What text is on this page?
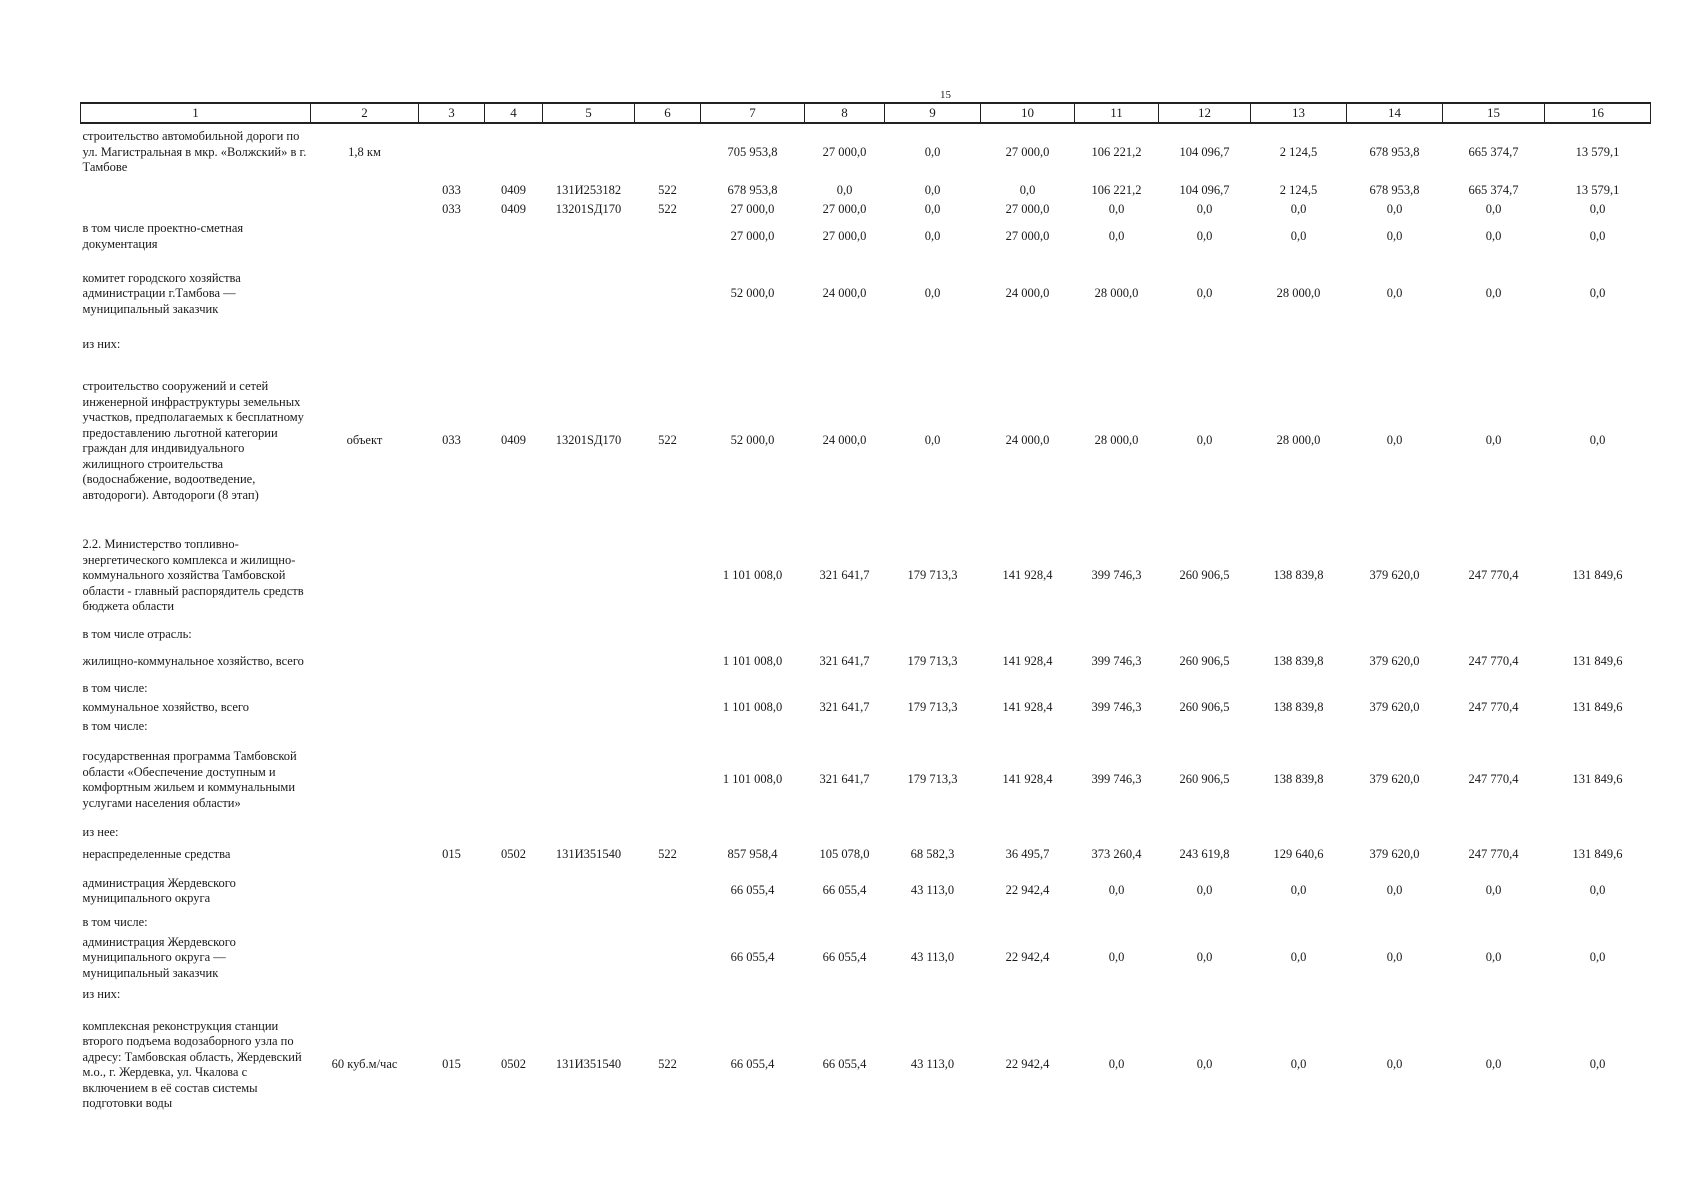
15
1	2	3	4	5	6	7	8	9	10	11	12	13	14	15	16
строительство автомобильной дороги по ул. Магистральная в мкр. «Волжский» в г. Тамбове	1,8 км					705 953,8	27 000,0	0,0	27 000,0	106 221,2	104 096,7	2 124,5	678 953,8	665 374,7	13 579,1
		033	0409	131И253182	522	678 953,8	0,0	0,0	0,0	106 221,2	104 096,7	2 124,5	678 953,8	665 374,7	13 579,1
		033	0409	13201SД170	522	27 000,0	27 000,0	0,0	27 000,0	0,0	0,0	0,0	0,0	0,0	0,0
в том числе проектно-сметная документация						27 000,0	27 000,0	0,0	27 000,0	0,0	0,0	0,0	0,0	0,0	0,0
комитет городского хозяйства администрации г.Тамбова — муниципальный заказчик						52 000,0	24 000,0	0,0	24 000,0	28 000,0	0,0	28 000,0	0,0	0,0	0,0
из них:															
строительство сооружений и сетей инженерной инфраструктуры земельных участков, предполагаемых к бесплатному предоставлению льготной категории граждан для индивидуального жилищного строительства (водоснабжение, водоотведение, автодороги). Автодороги (8 этап)	объект	033	0409	13201SД170	522	52 000,0	24 000,0	0,0	24 000,0	28 000,0	0,0	28 000,0	0,0	0,0	0,0
2.2. Министерство топливно-энергетического комплекса и жилищно-коммунального хозяйства Тамбовской области - главный распорядитель средств бюджета области						1 101 008,0	321 641,7	179 713,3	141 928,4	399 746,3	260 906,5	138 839,8	379 620,0	247 770,4	131 849,6
в том числе отрасль:															
жилищно-коммунальное хозяйство, всего						1 101 008,0	321 641,7	179 713,3	141 928,4	399 746,3	260 906,5	138 839,8	379 620,0	247 770,4	131 849,6
в том числе:															
коммунальное хозяйство, всего						1 101 008,0	321 641,7	179 713,3	141 928,4	399 746,3	260 906,5	138 839,8	379 620,0	247 770,4	131 849,6
в том числе:															
государственная программа Тамбовской области «Обеспечение доступным и комфортным жильем и коммунальными услугами населения области»						1 101 008,0	321 641,7	179 713,3	141 928,4	399 746,3	260 906,5	138 839,8	379 620,0	247 770,4	131 849,6
из нее:															
нераспределенные средства		015	0502	131И351540	522	857 958,4	105 078,0	68 582,3	36 495,7	373 260,4	243 619,8	129 640,6	379 620,0	247 770,4	131 849,6
администрация Жердевского муниципального округа						66 055,4	66 055,4	43 113,0	22 942,4	0,0	0,0	0,0	0,0	0,0	0,0
в том числе:															
администрация Жердевского муниципального округа — муниципальный заказчик						66 055,4	66 055,4	43 113,0	22 942,4	0,0	0,0	0,0	0,0	0,0	0,0
из них:															
комплексная реконструкция станции второго подъема водозаборного узла по адресу: Тамбовская область, Жердевский м.о., г. Жердевка, ул. Чкалова с включением в её состав системы подготовки воды	60 куб.м/час	015	0502	131И351540	522	66 055,4	66 055,4	43 113,0	22 942,4	0,0	0,0	0,0	0,0	0,0	0,0
